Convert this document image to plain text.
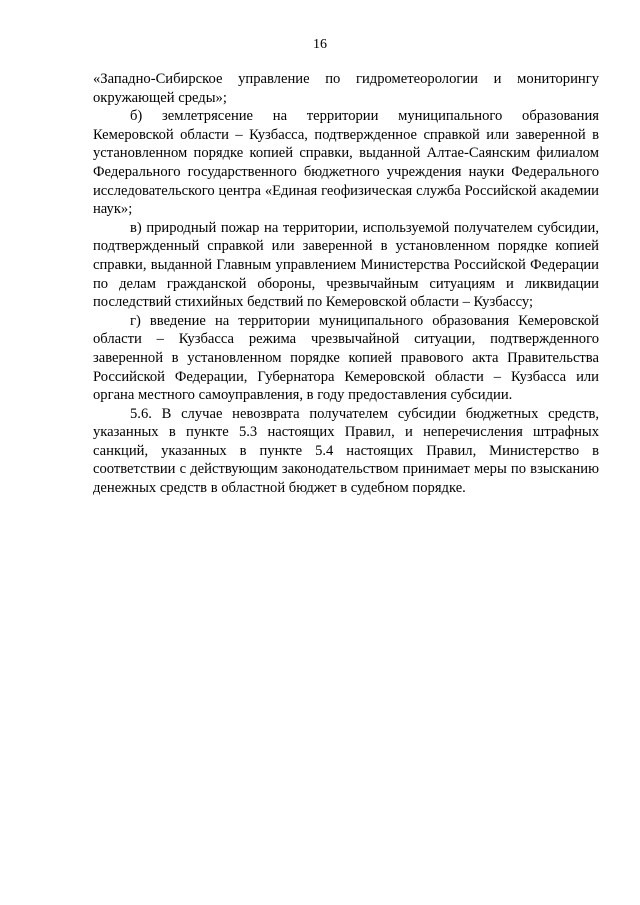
16

«Западно-Сибирское управление по гидрометеорологии и мониторингу окружающей среды»;

б) землетрясение на территории муниципального образования Кемеровской области – Кузбасса, подтвержденное справкой или заверенной в установленном порядке копией справки, выданной Алтае-Саянским филиалом Федерального государственного бюджетного учреждения науки Федерального исследовательского центра «Единая геофизическая служба Российской академии наук»;

в) природный пожар на территории, используемой получателем субсидии, подтвержденный справкой или заверенной в установленном порядке копией справки, выданной Главным управлением Министерства Российской Федерации по делам гражданской обороны, чрезвычайным ситуациям и ликвидации последствий стихийных бедствий по Кемеровской области – Кузбассу;

г) введение на территории муниципального образования Кемеровской области – Кузбасса режима чрезвычайной ситуации, подтвержденного заверенной в установленном порядке копией правового акта Правительства Российской Федерации, Губернатора Кемеровской области – Кузбасса или органа местного самоуправления, в году предоставления субсидии.

5.6. В случае невозврата получателем субсидии бюджетных средств, указанных в пункте 5.3 настоящих Правил, и неперечисления штрафных санкций, указанных в пункте 5.4 настоящих Правил, Министерство в соответствии с действующим законодательством принимает меры по взысканию денежных средств в областной бюджет в судебном порядке.
